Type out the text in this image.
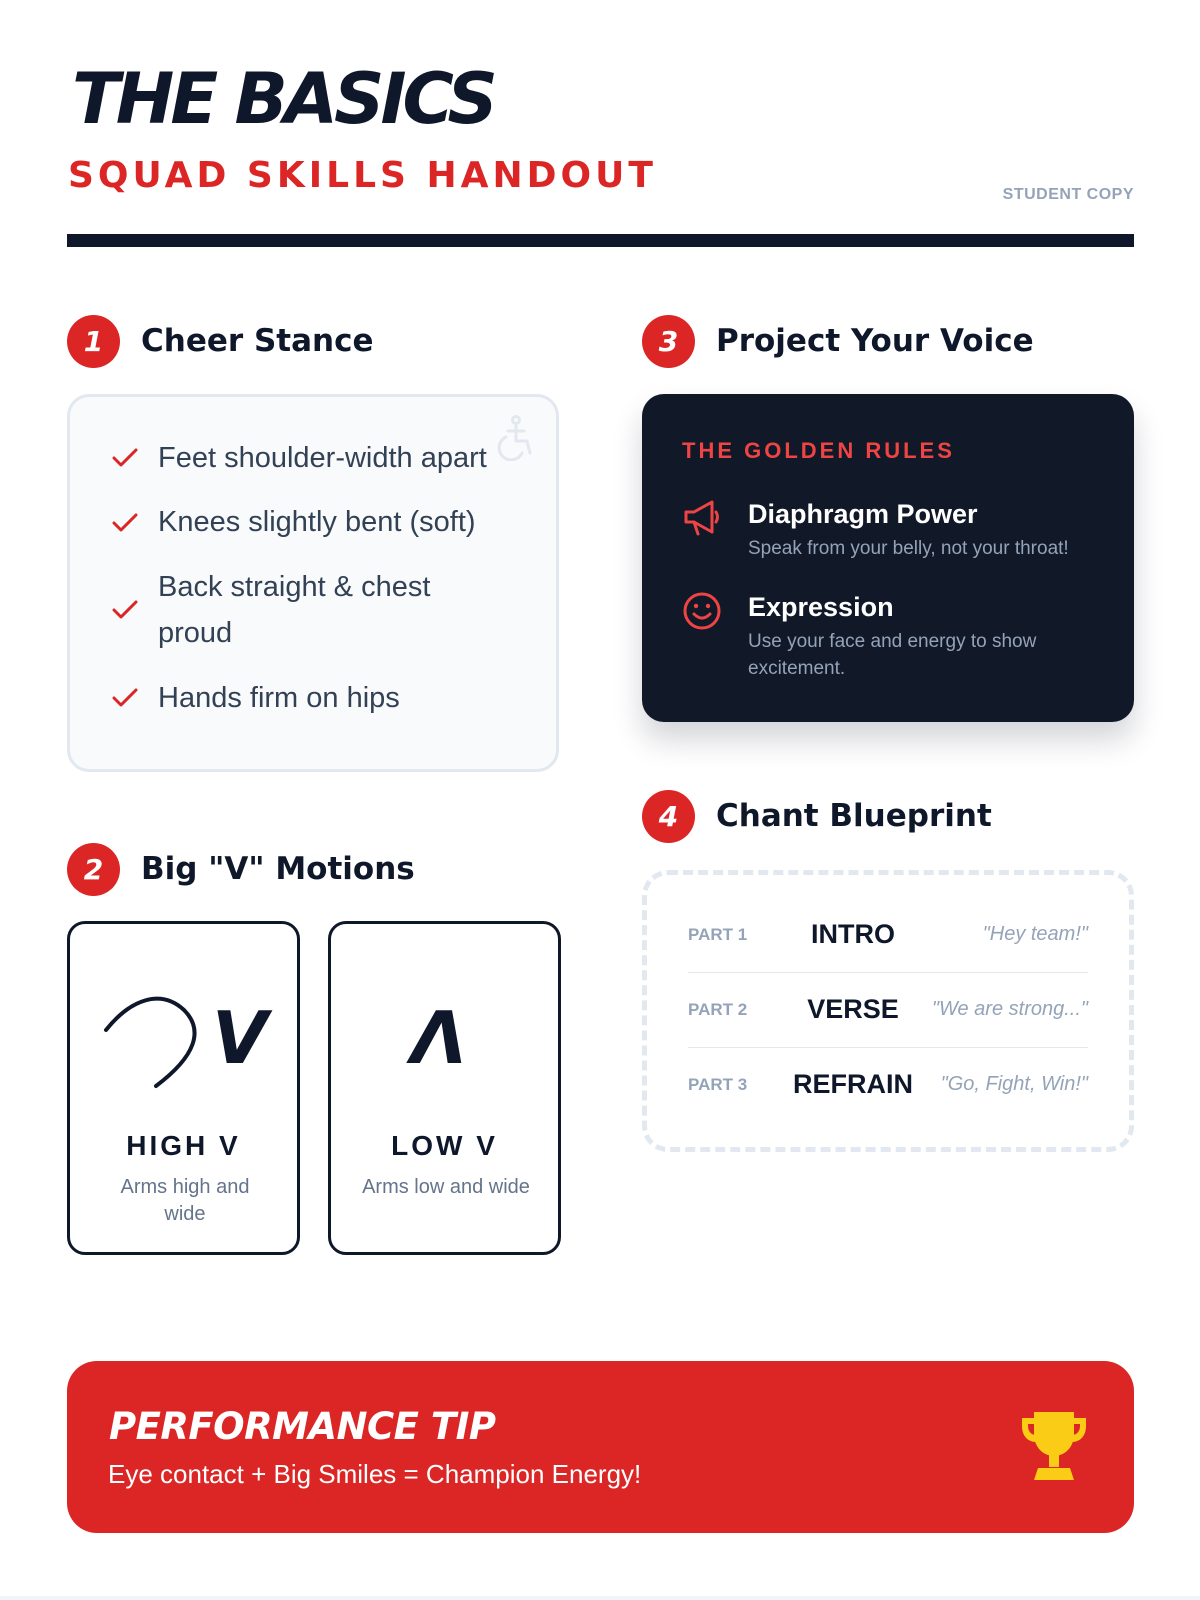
THE BASICS
SQUAD SKILLS HANDOUT	STUDENT COPY
1	Cheer Stance
Feet shoulder-width apart
Knees slightly bent (soft)
Back straight & chest proud
Hands firm on hips
2	Big "V" Motions
V
HIGH V
Arms high and wide
Λ
LOW V
Arms low and wide
3	Project Your Voice
THE GOLDEN RULES
Diaphragm Power
Speak from your belly, not your throat!
Expression
Use your face and energy to show excitement.
4	Chant Blueprint
PART 1	INTRO	"Hey team!"
PART 2	VERSE	"We are strong..."
PART 3	REFRAIN	"Go, Fight, Win!"
PERFORMANCE TIP
Eye contact + Big Smiles = Champion Energy!
